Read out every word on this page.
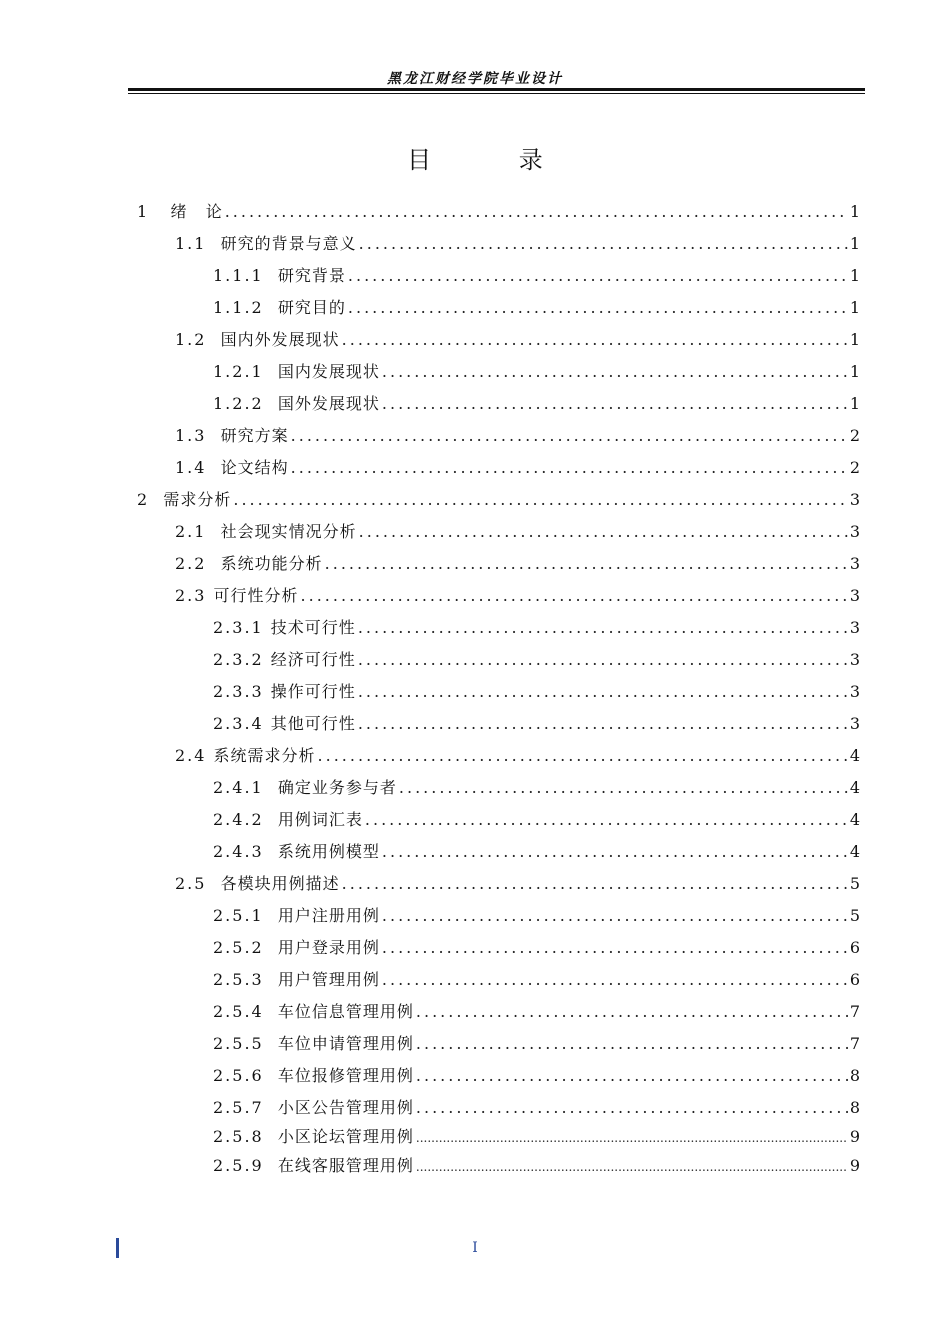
黑龙江财经学院毕业设计
目 录
1 绪   论 .....	1
1.1 研究的背景与意义 .....	1
1.1.1 研究背景 .....	1
1.1.2 研究目的 .....	1
1.2 国内外发展现状 .....	1
1.2.1 国内发展现状 .....	1
1.2.2 国外发展现状 .....	1
1.3 研究方案 .....	2
1.4 论文结构 .....	2
2 需求分析 .....	3
2.1 社会现实情况分析 .....	3
2.2 系统功能分析 .....	3
2.3 可行性分析 .....	3
2.3.1 技术可行性 .....	3
2.3.2 经济可行性 .....	3
2.3.3 操作可行性 .....	3
2.3.4 其他可行性 .....	3
2.4 系统需求分析 .....	4
2.4.1 确定业务参与者 .....	4
2.4.2 用例词汇表 .....	4
2.4.3 系统用例模型 .....	4
2.5 各模块用例描述 .....	5
2.5.1 用户注册用例 .....	5
2.5.2 用户登录用例 .....	6
2.5.3 用户管理用例 .....	6
2.5.4 车位信息管理用例 .....	7
2.5.5 车位申请管理用例 .....	7
2.5.6 车位报修管理用例 .....	8
2.5.7 小区公告管理用例 .....	8
2.5.8 小区论坛管理用例 .....	9
2.5.9 在线客服管理用例 .....	9
I
